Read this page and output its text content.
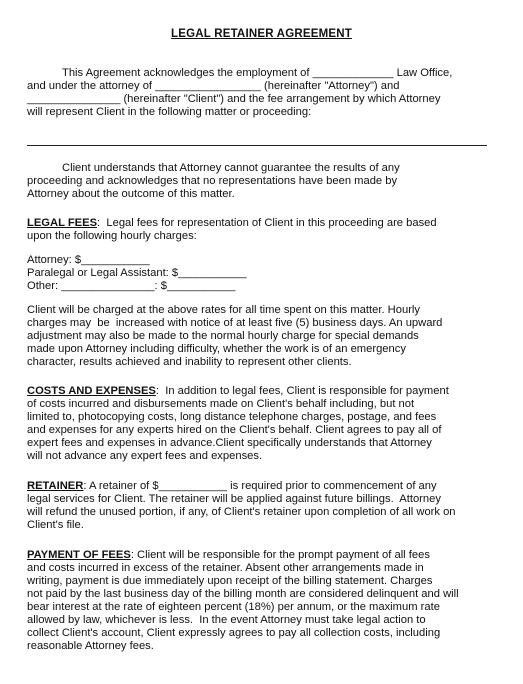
LEGAL RETAINER AGREEMENT
This Agreement acknowledges the employment of _____________ Law Office,
and under the attorney of _________________ (hereinafter "Attorney") and
_______________ (hereinafter "Client") and the fee arrangement by which Attorney
will represent Client in the following matter or proceeding:
Client understands that Attorney cannot guarantee the results of any
proceeding and acknowledges that no representations have been made by
Attorney about the outcome of this matter.
LEGAL FEES:  Legal fees for representation of Client in this proceeding are based
upon the following hourly charges:
Attorney: $___________
Paralegal or Legal Assistant: $___________
Other: _______________: $___________
Client will be charged at the above rates for all time spent on this matter. Hourly
charges may  be  increased with notice of at least five (5) business days. An upward
adjustment may also be made to the normal hourly charge for special demands
made upon Attorney including difficulty, whether the work is of an emergency
character, results achieved and inability to represent other clients.
COSTS AND EXPENSES:  In addition to legal fees, Client is responsible for payment
of costs incurred and disbursements made on Client's behalf including, but not
limited to, photocopying costs, long distance telephone charges, postage, and fees
and expenses for any experts hired on the Client's behalf. Client agrees to pay all of
expert fees and expenses in advance.Client specifically understands that Attorney
will not advance any expert fees and expenses.
RETAINER: A retainer of $___________ is required prior to commencement of any
legal services for Client. The retainer will be applied against future billings.  Attorney
will refund the unused portion, if any, of Client's retainer upon completion of all work on
Client's file.
PAYMENT OF FEES: Client will be responsible for the prompt payment of all fees
and costs incurred in excess of the retainer. Absent other arrangements made in
writing, payment is due immediately upon receipt of the billing statement. Charges
not paid by the last business day of the billing month are considered delinquent and will
bear interest at the rate of eighteen percent (18%) per annum, or the maximum rate
allowed by law, whichever is less.  In the event Attorney must take legal action to
collect Client's account, Client expressly agrees to pay all collection costs, including
reasonable Attorney fees.
